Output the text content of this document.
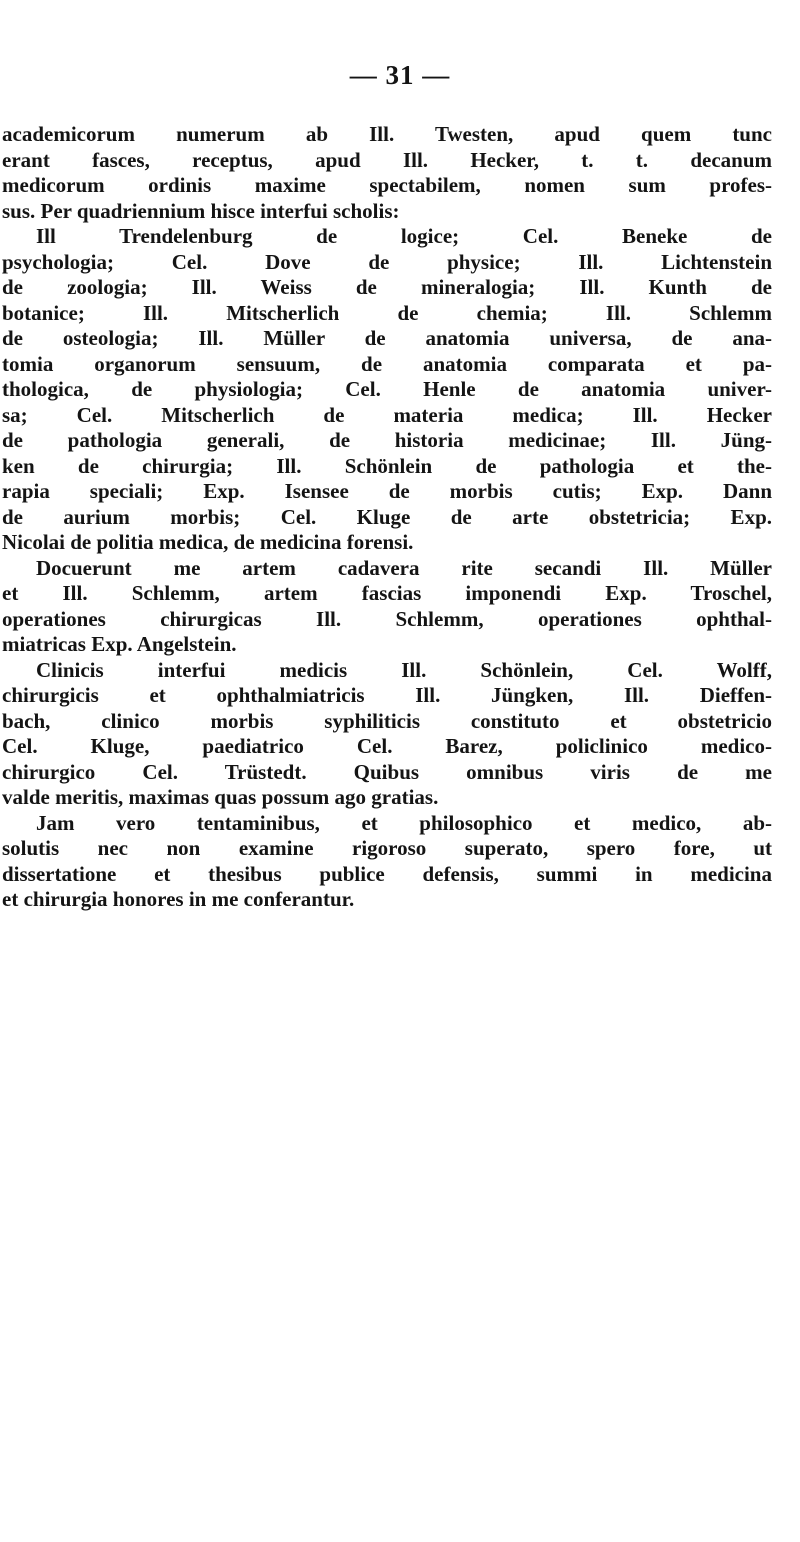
— 31 —
academicorum numerum ab Ill. Twesten, apud quem tunc
erant fasces, receptus, apud Ill. Hecker, t. t. decanum
medicorum ordinis maxime spectabilem, nomen sum profes-
sus. Per quadriennium hisce interfui scholis:
Ill Trendelenburg de logice; Cel. Beneke de
psychologia; Cel. Dove de physice; Ill. Lichtenstein
de zoologia; Ill. Weiss de mineralogia; Ill. Kunth de
botanice; Ill. Mitscherlich de chemia; Ill. Schlemm
de osteologia; Ill. Müller de anatomia universa, de ana-
tomia organorum sensuum, de anatomia comparata et pa-
thologica, de physiologia; Cel. Henle de anatomia univer-
sa; Cel. Mitscherlich de materia medica; Ill. Hecker
de pathologia generali, de historia medicinae; Ill. Jüng-
ken de chirurgia; Ill. Schönlein de pathologia et the-
rapia speciali; Exp. Isensee de morbis cutis; Exp. Dann
de aurium morbis; Cel. Kluge de arte obstetricia; Exp.
Nicolai de politia medica, de medicina forensi.
Docuerunt me artem cadavera rite secandi Ill. Müller
et Ill. Schlemm, artem fascias imponendi Exp. Troschel,
operationes chirurgicas Ill. Schlemm, operationes ophthal-
miatricas Exp. Angelstein.
Clinicis interfui medicis Ill. Schönlein, Cel. Wolff,
chirurgicis et ophthalmiatricis Ill. Jüngken, Ill. Dieffen-
bach, clinico morbis syphiliticis constituto et obstetricio
Cel. Kluge, paediatrico Cel. Barez, policlinico medico-
chirurgico Cel. Trüstedt. Quibus omnibus viris de me
valde meritis, maximas quas possum ago gratias.
Jam vero tentaminibus, et philosophico et medico, ab-
solutis nec non examine rigoroso superato, spero fore, ut
dissertatione et thesibus publice defensis, summi in medicina
et chirurgia honores in me conferantur.
